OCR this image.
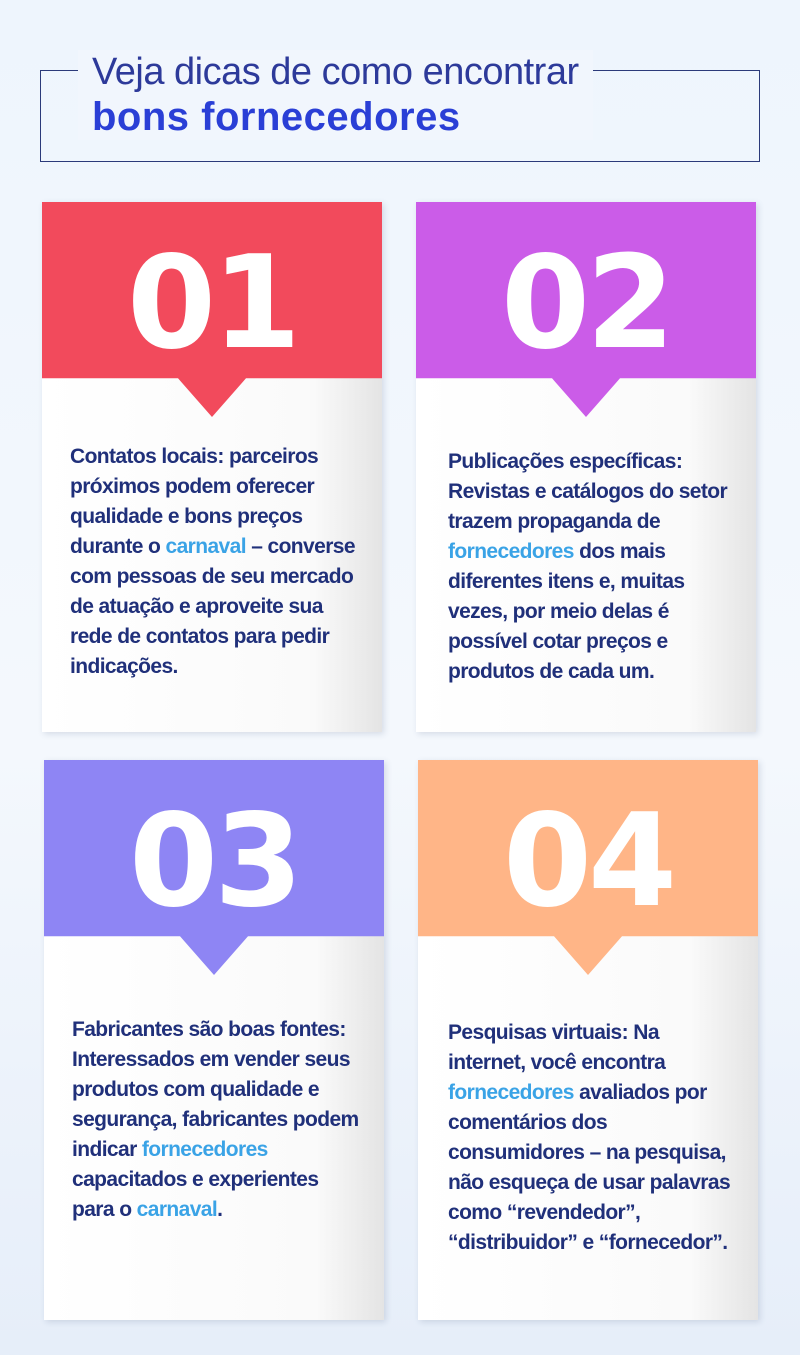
Veja dicas de como encontrar
bons fornecedores
01
Contatos locais: parceiros próximos podem oferecer qualidade e bons preços durante o carnaval – converse com pessoas de seu mercado de atuação e aproveite sua rede de contatos para pedir indicações.
02
Publicações específicas: Revistas e catálogos do setor trazem propaganda de fornecedores dos mais diferentes itens e, muitas vezes, por meio delas é possível cotar preços e produtos de cada um.
03
Fabricantes são boas fontes: Interessados em vender seus produtos com qualidade e segurança, fabricantes podem indicar fornecedores capacitados e experientes para o carnaval.
04
Pesquisas virtuais: Na internet, você encontra fornecedores avaliados por comentários dos consumidores – na pesquisa, não esqueça de usar palavras como “revendedor”, “distribuidor” e “fornecedor”.
